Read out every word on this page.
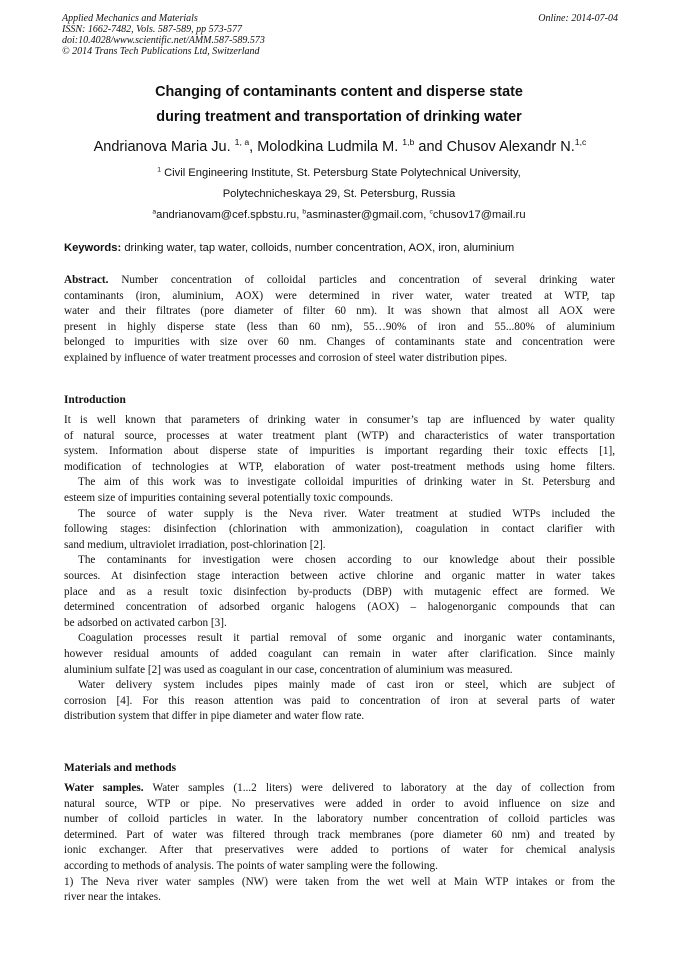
Applied Mechanics and Materials
ISSN: 1662-7482, Vols. 587-589, pp 573-577
doi:10.4028/www.scientific.net/AMM.587-589.573
© 2014 Trans Tech Publications Ltd, Switzerland
Online: 2014-07-04
Changing of contaminants content and disperse state
during treatment and transportation of drinking water
Andrianova Maria Ju. $^{1, a}$, Molodkina Ludmila M. $^{1,b}$ and Chusov Alexandr N.$^{1,c}$
$^1$ Civil Engineering Institute, St. Petersburg State Polytechnical University,
Polytechnicheskaya 29, St. Petersburg, Russia
$^a$andrianovam@cef.spbstu.ru, $^b$asminaster@gmail.com, $^c$chusov17@mail.ru
Keywords: drinking water, tap water, colloids, number concentration, AOX, iron, aluminium
Abstract. Number concentration of colloidal particles and concentration of several drinking water
contaminants (iron, aluminium, AOX) were determined in river water, water treated at WTP, tap
water and their filtrates (pore diameter of filter 60 nm). It was shown that almost all AOX were
present in highly disperse state (less than 60 nm), 55…90% of iron and 55...80% of aluminium
belonged to impurities with size over 60 nm. Changes of contaminants state and concentration were
explained by influence of water treatment processes and corrosion of steel water distribution pipes.
Introduction
It is well known that parameters of drinking water in consumer’s tap are influenced by water quality
of natural source, processes at water treatment plant (WTP) and characteristics of water transportation
system. Information about disperse state of impurities is important regarding their toxic effects [1],
modification of technologies at WTP, elaboration of water post-treatment methods using home filters.
The aim of this work was to investigate colloidal impurities of drinking water in St. Petersburg and
esteem size of impurities containing several potentially toxic compounds.
The source of water supply is the Neva river. Water treatment at studied WTPs included the
following stages: disinfection (chlorination with ammonization), coagulation in contact clarifier with
sand medium, ultraviolet irradiation, post-chlorination [2].
The contaminants for investigation were chosen according to our knowledge about their possible
sources. At disinfection stage interaction between active chlorine and organic matter in water takes
place and as a result toxic disinfection by-products (DBP) with mutagenic effect are formed. We
determined concentration of adsorbed organic halogens (AOX) – halogenorganic compounds that can
be adsorbed on activated carbon [3].
Coagulation processes result it partial removal of some organic and inorganic water contaminants,
however residual amounts of added coagulant can remain in water after clarification. Since mainly
aluminium sulfate [2] was used as coagulant in our case, concentration of aluminium was measured.
Water delivery system includes pipes mainly made of cast iron or steel, which are subject of
corrosion [4]. For this reason attention was paid to concentration of iron at several parts of water
distribution system that differ in pipe diameter and water flow rate.
Materials and methods
Water samples. Water samples (1...2 liters) were delivered to laboratory at the day of collection from
natural source, WTP or pipe. No preservatives were added in order to avoid influence on size and
number of colloid particles in water. In the laboratory number concentration of colloid particles was
determined. Part of water was filtered through track membranes (pore diameter 60 nm) and treated by
ionic exchanger. After that preservatives were added to portions of water for chemical analysis
according to methods of analysis. The points of water sampling were the following.
1) The Neva river water samples (NW) were taken from the wet well at Main WTP intakes or from the
river near the intakes.
